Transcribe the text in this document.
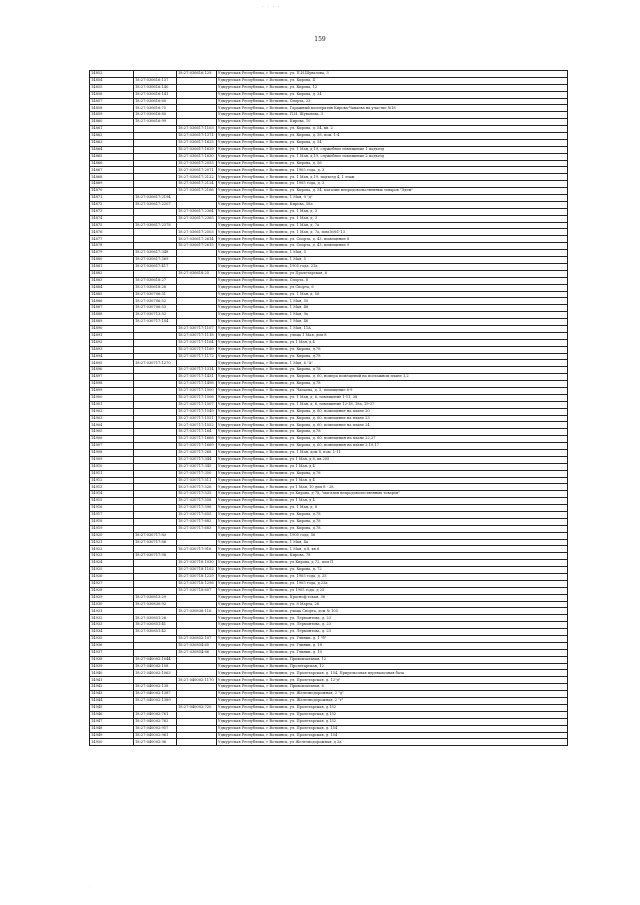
· · · ·
159
14852		18:27:030616:129	Удмуртская Республика, г Воткинск, ул. П.И.Шувалова, 3
14854	18:27:030616:137		Удмуртская Республика, г Воткинск, ул. Кирова, 4
14855	18:27:030616:140		Удмуртская Республика, г Воткинск, ул. Кирова, 12
14856	18:27:030616:141		Удмуртская Республика, г Воткинск, ул. Кирова, д. 24
14857	18:27:030616:60		Удмуртская Республика, г Воткинск, Спорта, 23
14858	18:27:030616:75		Удмуртская Республика, г Воткинск, Гаражный кооператив Кирова-Чапаева на участке №18
14859	18:27:030616:80		Удмуртская Республика, г Воткинск, П.И. Шувалова, 3
14860	18:27:030616:99		Удмуртская Республика, г Воткинск, Кирова, 10
14861		18:27:030617:1103	Удмуртская Республика, г Воткинск, ул. Кирова, д. 54, кв. 2
14862		18:27:030617:1371	Удмуртская Республика, г Воткинск, ул. Кирова, д. 58, пом. 1-4
14863		18:27:030617:1625	Удмуртская Республика, г Воткинск, ул. Кирова, д. 54
14864		18:27:030617:1629	Удмуртская Республика, г Воткинск, ул. 1 Мая, д.19, служебное помещение 1 подъезд
14865		18:27:030617:1630	Удмуртская Республика, г Воткинск, ул. 1 Мая, д.19, служебное помещение 2 подъезд
14866		18:27:030617:2055	Удмуртская Республика, г Воткинск, ул. Кирова, д. 56
14867		18:27:030617:2071	Удмуртская Республика, г Воткинск, ул. 1905 года, д. 3
14868		18:27:030617:2122	Удмуртская Республика, г Воткинск, ул. 1 Мая, д.19, подъезд 4, 1 этаж
14869		18:27:030617:2124	Удмуртская Республика, г Воткинск, ул. 1905 года, д. 3
14870		18:27:030617:2166	Удмуртская Республика, г Воткинск, ул. Кирова, д. 54, магазин непродовольственных товаров "Эдем"
14871	18:27:030617:2194		Удмуртская Республика, г Воткинск, 1 Мая, 9 "д"
14872	18:27:030617:2207		Удмуртская Республика, г Воткинск, Кирова, 58а
14873		18:27:030617:2364	Удмуртская Республика, г Воткинск, ул. 1 Мая, д. 3
14874		18:27:030617:2365	Удмуртская Республика, г Воткинск, ул. 1 Мая, д. 3
14875	18:27:030617:2378		Удмуртская Республика, г Воткинск, ул. 1 Мая, д. 7а
14876		18:27:030617:2503	Удмуртская Республика, г Воткинск, ул. 1 Мая, д. 7а, пом.№№1-13
14877		18:27:030617:2614	Удмуртская Республика, г Воткинск, ул. Спорта, д. 43, помещение 8
14878		18:27:030617:2615	Удмуртская Республика, г Воткинск, ул. Спорта, д. 43, помещение 9
14879	18:27:030617:348		Удмуртская Республика, г Воткинск, 1 Мая, 5
14880	18:27:030617:369		Удмуртская Республика, г Воткинск, 1 Мая, 5
14881	18:27:030617:417		Удмуртская Республика, г Воткинск, 1905 года, 21а
14882		18:27:030618:25	Удмуртская Республика, г Воткинск, ул Пролетарская, 6
14883	18:27:030618:27		Удмуртская Республика, г Воткинск, Спорта, 8
14884	18:27:030618:28		Удмуртская Республика, г Воткинск, ул Спорта, 6
14885	18:27:030706:51		Удмуртская Республика, г Воткинск, ул. 1 Мая, д. 56
14886	18:27:030706:52		Удмуртская Республика, г Воткинск, 1 Мая, 50
14887	18:27:030706:53		Удмуртская Республика, г Воткинск, 1 Мая, 46
14888	18:27:030713:52		Удмуртская Республика, г Воткинск, 1 Мая, 9а
14889	18:27:030717:104		Удмуртская Республика, г Воткинск, 1 Мая, 46
14890		18:27:030717:1107	Удмуртская Республика, г Воткинск, 1 Мая, 11А
14891		18:27:030717:1118	Удмуртская Республика, г Воткинск, улица 1 Мая, дом 8
14892		18:27:030717:1164	Удмуртская Республика, г Воткинск, ул.1 Мая, д.4
14893		18:27:030717:1169	Удмуртская Республика, г Воткинск, ул. Кирова, д.78
14894		18:27:030717:1172	Удмуртская Республика, г Воткинск, ул. Кирова, д.78
14895	18:27:030717:1270		Удмуртская Республика, г Воткинск, 1 Мая, 6 "А"
14896		18:27:030717:1314	Удмуртская Республика, г Воткинск, ул. Кирова, д.78
14897		18:27:030717:1431	Удмуртская Республика, г Воткинск, ул. Кирова, д. 60, номера помещений на поэтажном плане 1,2
14898		18:27:030717:1498	Удмуртская Республика, г Воткинск, ул. Кирова, д.78
14899		18:27:030717:1500	Удмуртская Республика, г Воткинск, ул. Чапаева, д. 5, помещение 6-9
14900		18:27:030717:1506	Удмуртская Республика, г Воткинск, ул. 1 Мая, д. 6, помещение 1-11, 38
14901		18:27:030717:1507	Удмуртская Республика, г Воткинск, ул. 1 Мая, д. 6, помещение 12-18, 18а, 19-37
14902		18:27:030717:1549	Удмуртская Республика, г Воткинск, ул. Кирова, д. 60, помещение на плане 20
14903		18:27:030717:1551	Удмуртская Республика, г Воткинск, ул. Кирова, д. 60, помещение на плане 23
14904		18:27:030717:1552	Удмуртская Республика, г Воткинск, ул. Кирова, д. 60, помещение на плане 24
14905		18:27:030717:164	Удмуртская Республика, г Воткинск, ул. Кирова, д.78
14906		18:27:030717:1668	Удмуртская Республика, г Воткинск, ул. Кирова, д. 60, помещения на плане 22,27
14907		18:27:030717:1669	Удмуртская Республика, г Воткинск, ул. Кирова, д. 60, помещения на плане 2,10,17
14908		18:27:030717:268	Удмуртская Республика, г Воткинск, ул. 1 Мая, дом 8, пом. 1-11
14909		18:27:030717:344	Удмуртская Республика, г Воткинск, ул 1 Мая, д 8, кв 205
14910		18:27:030717:345	Удмуртская Республика, г Воткинск, ул 1 Мая, д 4
14911		18:27:030717:350	Удмуртская Республика, г Воткинск, ул. Кирова, д.78
14912		18:27:030717:511	Удмуртская Республика, г Воткинск, ул 1 Мая, д 4
14913		18:27:030717:526	Удмуртская Республика, г Воткинск, ул 1 Мая, 10 дом 8 - 28
14914		18:27:030717:535	Удмуртская Республика, г Воткинск, ул Кирова, д 78, "магазин непродовольственных товаров"
14915		18:27:030717:558	Удмуртская Республика, г Воткинск, ул 1 Мая, д 4
14916		18:27:030717:596	Удмуртская Республика, г Воткинск, ул. 1 Мая, д. 8
14917		18:27:030717:655	Удмуртская Республика, г Воткинск, ул. Кирова, д.78
14918		18:27:030717:682	Удмуртская Республика, г Воткинск, ул. Кирова, д.78
14919		18:27:030717:683	Удмуртская Республика, г Воткинск, ул. Кирова, д.78
14920	18:27:030717:83		Удмуртская Республика, г Воткинск, 1905 года, 56
14921	18:27:030717:86		Удмуртская Республика, г Воткинск, 1 Мая, 4а
14922		18:27:030717:916	Удмуртская Республика, г Воткинск, 1 Мая, д.8, кв 6
14923	18:27:030717:98		Удмуртская Республика, г Воткинск, Кирова, 78
14924		18:27:030718:1030	Удмуртская Республика, г Воткинск, ул Кирова, д 72, пом П
14925		18:27:030718:1102	Удмуртская Республика, г Воткинск, ул. Кирова, д. 72
14926		18:27:030718:1229	Удмуртская Республика, г Воткинск, ул. 1905 года, д. 25
14927		18:27:030718:1296	Удмуртская Республика, г Воткинск, ул. 1905 года, д.23а
14928		18:27:030718:607	Удмуртская Республика, г Воткинск, ул 1905 года, д 25
14929	18:27:030813:29		Удмуртская Республика, г Воткинск, Красноф.тская, 36
14930	18:27:030830:92		Удмуртская Республика, г Воткинск, ул. 8 Марта, 26
14931		18:27:030838:116	Удмуртская Республика, г Воткинск, улица Спорта, дом № 105
14932	18:27:030851:26		Удмуртская Республика, г Воткинск, ул. Лермонтова, д. 23
14933	18:27:030851:41		Удмуртская Республика, г Воткинск, ул. Лермонтова, д. 23
14934	18:27:030851:42		Удмуртская Республика, г Воткинск, ул. Лермонтова, д. 23
14935		18:27:030852:107	Удмуртская Республика, г Воткинск, ул. Глинки, д. 1 "б"
14936		18:27:030854:65	Удмуртская Республика, г Воткинск, ул. Глинки, д. 18
14937		18:27:030854:66	Удмуртская Республика, г Воткинск, ул. Глинки, д. 10
14938	18:27:040002:1044		Удмуртская Республика, г Воткинск, Привокзальная, 12
14939	18:27:040002:108		Удмуртская Республика, г Воткинск, Пролетарская, 12
14940	18:27:040002:1063		Удмуртская Республика, г Воткинск, ул. Пролетарская, д. 154, Прирельсовая перевалочная база
14941		18:27:040002:1170	Удмуртская Республика, г Воткинск, ул. Пролетарская, д. 12"д"
14942	18:27:040002:138		Удмуртская Республика, г Воткинск, Привокзальная, 6
14943	18:27:040002:1387		Удмуртская Республика, г Воткинск, ул. Железнодорожная, 2 "д"
14944	18:27:040002:1389		Удмуртская Республика, г Воткинск, ул. Железнодорожная, 2 "г"
14945		18:27:040002:720	Удмуртская Республика, г Воткинск, ул. Пролетарская, д.152
14946	18:27:040002:761		Удмуртская Республика, г Воткинск, ул. Пролетарская, д.152
14947	18:27:040002:762		Удмуртская Республика, г Воткинск, ул. Пролетарская, д.152
14948	18:27:040002:957		Удмуртская Республика, г Воткинск, ул. Пролетарская, д. 154
14949	18:27:040002:961		Удмуртская Республика, г Воткинск, ул. Пролетарская, д. 154
14950	18:27:040002:96		Удмуртская Республика, г Воткинск, ул Железнодорожная, д 2а
·
